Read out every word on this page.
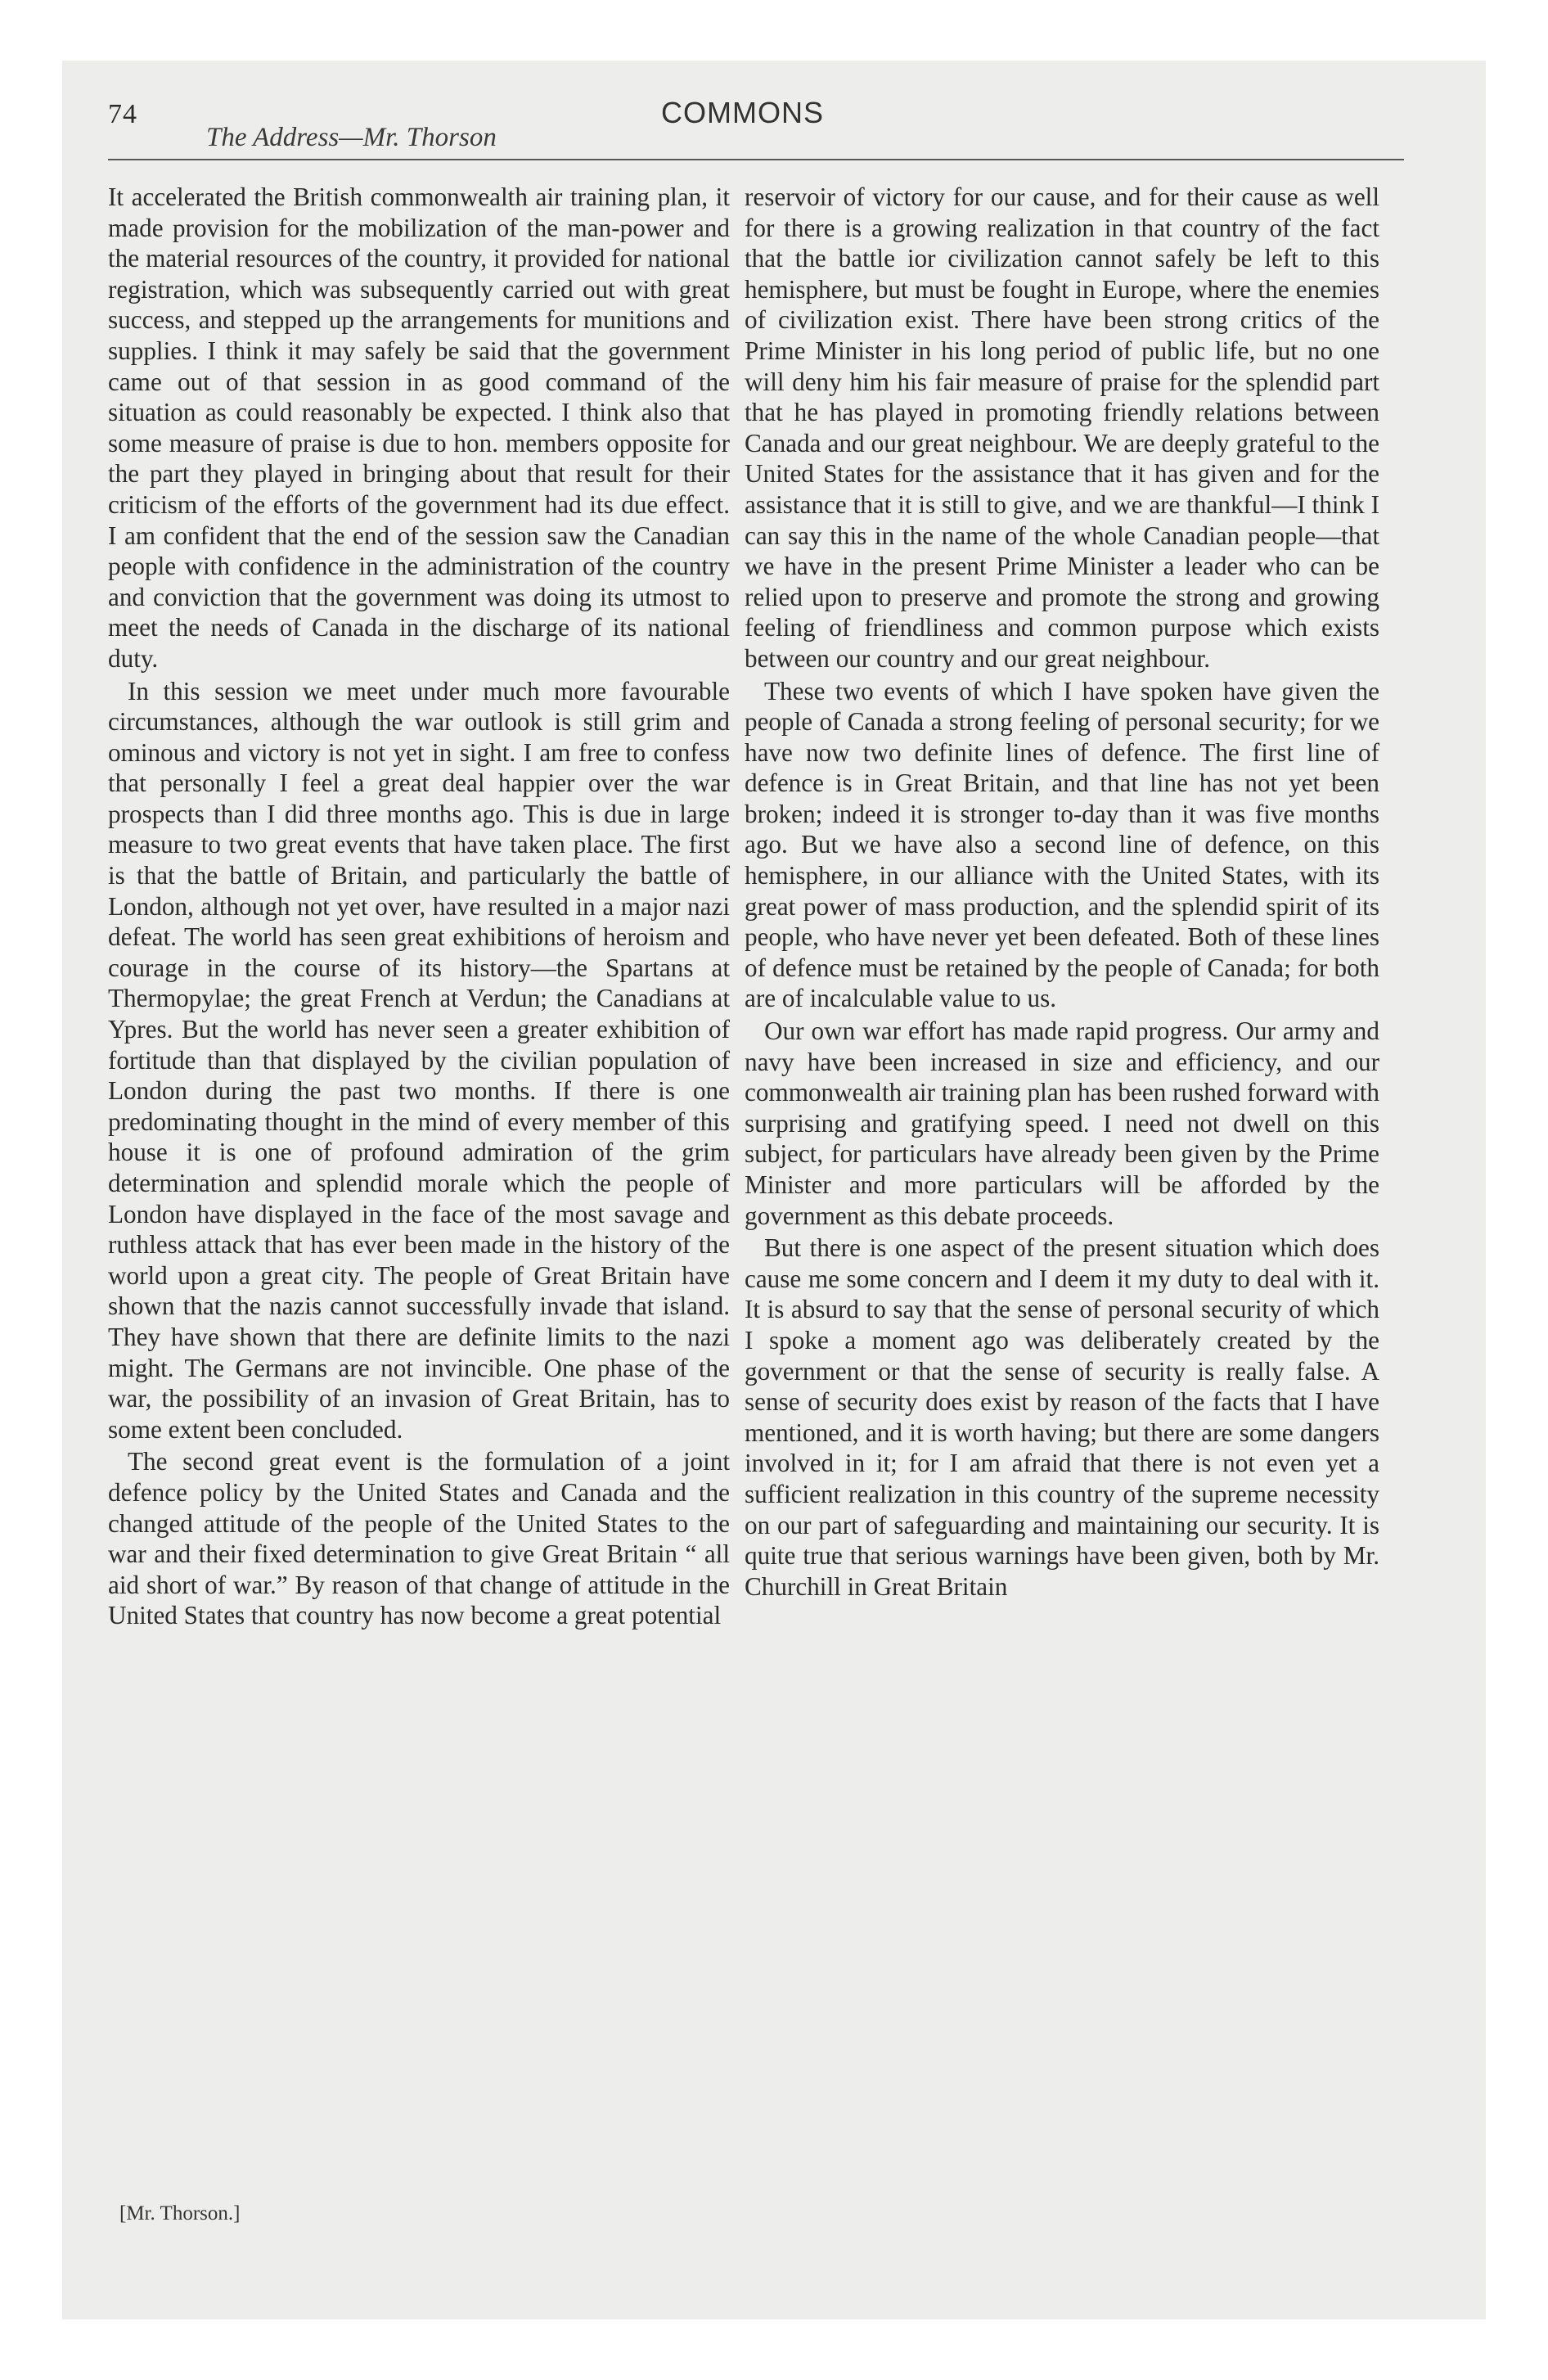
74
The Address—Mr. Thorson
COMMONS

It accelerated the British commonwealth air training plan, it made provision for the mobilization of the man-power and the material resources of the country, it provided for national registration, which was subsequently carried out with great success, and stepped up the arrangements for munitions and supplies. I think it may safely be said that the government came out of that session in as good command of the situation as could reasonably be expected. I think also that some measure of praise is due to hon. members opposite for the part they played in bringing about that result for their criticism of the efforts of the government had its due effect. I am confident that the end of the session saw the Canadian people with confidence in the administration of the country and conviction that the government was doing its utmost to meet the needs of Canada in the discharge of its national duty.

In this session we meet under much more favourable circumstances, although the war outlook is still grim and ominous and victory is not yet in sight. I am free to confess that personally I feel a great deal happier over the war prospects than I did three months ago. This is due in large measure to two great events that have taken place. The first is that the battle of Britain, and particularly the battle of London, although not yet over, have resulted in a major nazi defeat. The world has seen great exhibitions of heroism and courage in the course of its history—the Spartans at Thermopylae; the great French at Verdun; the Canadians at Ypres. But the world has never seen a greater exhibition of fortitude than that displayed by the civilian population of London during the past two months. If there is one predominating thought in the mind of every member of this house it is one of profound admiration of the grim determination and splendid morale which the people of London have displayed in the face of the most savage and ruthless attack that has ever been made in the history of the world upon a great city. The people of Great Britain have shown that the nazis cannot successfully invade that island. They have shown that there are definite limits to the nazi might. The Germans are not invincible. One phase of the war, the possibility of an invasion of Great Britain, has to some extent been concluded.

The second great event is the formulation of a joint defence policy by the United States and Canada and the changed attitude of the people of the United States to the war and their fixed determination to give Great Britain “ all aid short of war.” By reason of that change of attitude in the United States that country has now become a great potential

reservoir of victory for our cause, and for their cause as well for there is a growing realization in that country of the fact that the battle ior civilization cannot safely be left to this hemisphere, but must be fought in Europe, where the enemies of civilization exist. There have been strong critics of the Prime Minister in his long period of public life, but no one will deny him his fair measure of praise for the splendid part that he has played in promoting friendly relations between Canada and our great neighbour. We are deeply grateful to the United States for the assistance that it has given and for the assistance that it is still to give, and we are thankful—I think I can say this in the name of the whole Canadian people—that we have in the present Prime Minister a leader who can be relied upon to preserve and promote the strong and growing feeling of friendliness and common purpose which exists between our country and our great neighbour.

These two events of which I have spoken have given the people of Canada a strong feeling of personal security; for we have now two definite lines of defence. The first line of defence is in Great Britain, and that line has not yet been broken; indeed it is stronger to-day than it was five months ago. But we have also a second line of defence, on this hemisphere, in our alliance with the United States, with its great power of mass production, and the splendid spirit of its people, who have never yet been defeated. Both of these lines of defence must be retained by the people of Canada; for both are of incalculable value to us.

Our own war effort has made rapid progress. Our army and navy have been increased in size and efficiency, and our commonwealth air training plan has been rushed forward with surprising and gratifying speed. I need not dwell on this subject, for particulars have already been given by the Prime Minister and more particulars will be afforded by the government as this debate proceeds.

But there is one aspect of the present situation which does cause me some concern and I deem it my duty to deal with it. It is absurd to say that the sense of personal security of which I spoke a moment ago was deliberately created by the government or that the sense of security is really false. A sense of security does exist by reason of the facts that I have mentioned, and it is worth having; but there are some dangers involved in it; for I am afraid that there is not even yet a sufficient realization in this country of the supreme necessity on our part of safeguarding and maintaining our security. It is quite true that serious warnings have been given, both by Mr. Churchill in Great Britain

[Mr. Thorson.]
